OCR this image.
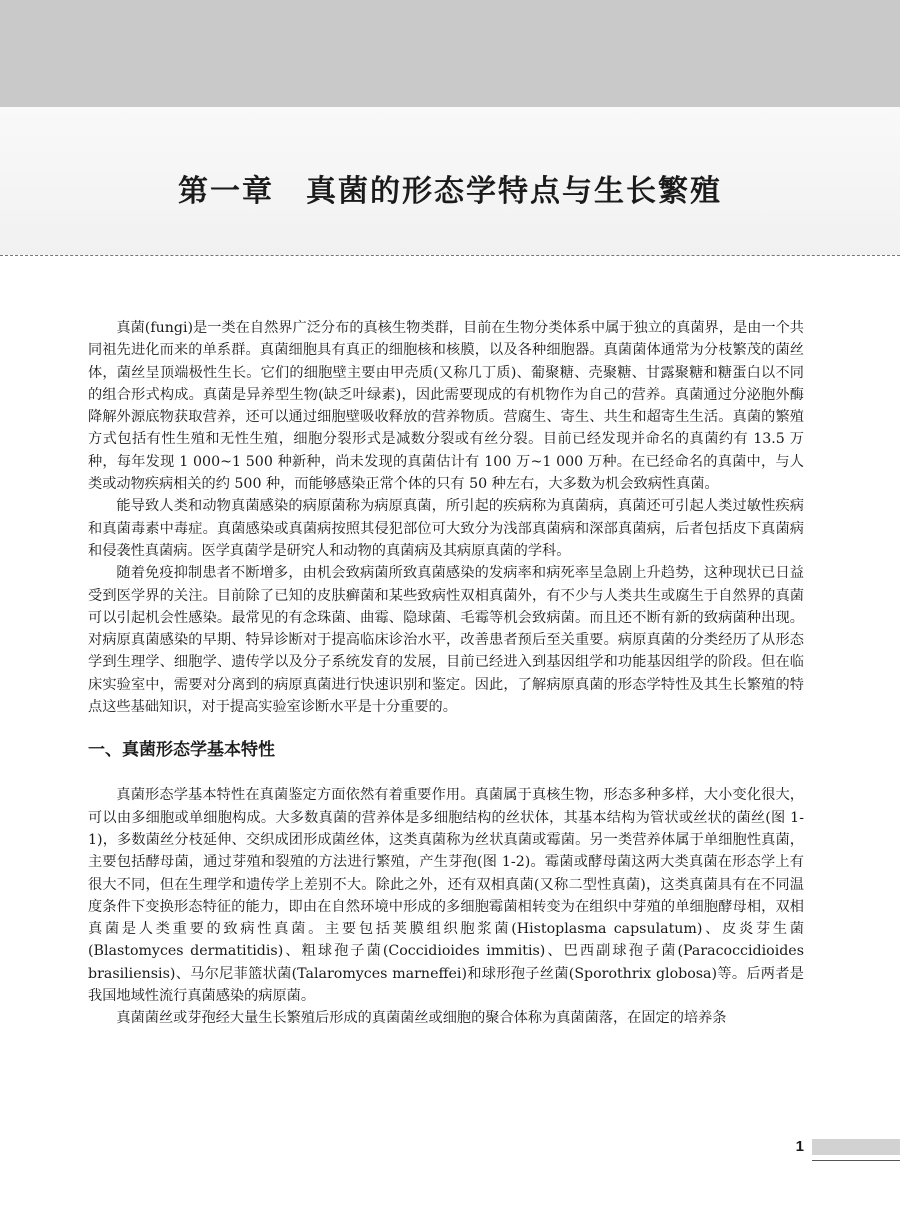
第一章　真菌的形态学特点与生长繁殖

真菌(fungi)是一类在自然界广泛分布的真核生物类群，目前在生物分类体系中属于独立的真菌界，是由一个共同祖先进化而来的单系群。真菌细胞具有真正的细胞核和核膜，以及各种细胞器。真菌菌体通常为分枝繁茂的菌丝体，菌丝呈顶端极性生长。它们的细胞壁主要由甲壳质(又称几丁质)、葡聚糖、壳聚糖、甘露聚糖和糖蛋白以不同的组合形式构成。真菌是异养型生物(缺乏叶绿素)，因此需要现成的有机物作为自己的营养。真菌通过分泌胞外酶降解外源底物获取营养，还可以通过细胞壁吸收释放的营养物质。营腐生、寄生、共生和超寄生生活。真菌的繁殖方式包括有性生殖和无性生殖，细胞分裂形式是减数分裂或有丝分裂。目前已经发现并命名的真菌约有 13.5 万种，每年发现 1 000~1 500 种新种，尚未发现的真菌估计有 100 万~1 000 万种。在已经命名的真菌中，与人类或动物疾病相关的约 500 种，而能够感染正常个体的只有 50 种左右，大多数为机会致病性真菌。

能导致人类和动物真菌感染的病原菌称为病原真菌，所引起的疾病称为真菌病，真菌还可引起人类过敏性疾病和真菌毒素中毒症。真菌感染或真菌病按照其侵犯部位可大致分为浅部真菌病和深部真菌病，后者包括皮下真菌病和侵袭性真菌病。医学真菌学是研究人和动物的真菌病及其病原真菌的学科。

随着免疫抑制患者不断增多，由机会致病菌所致真菌感染的发病率和病死率呈急剧上升趋势，这种现状已日益受到医学界的关注。目前除了已知的皮肤癣菌和某些致病性双相真菌外，有不少与人类共生或腐生于自然界的真菌可以引起机会性感染。最常见的有念珠菌、曲霉、隐球菌、毛霉等机会致病菌。而且还不断有新的致病菌种出现。对病原真菌感染的早期、特异诊断对于提高临床诊治水平，改善患者预后至关重要。病原真菌的分类经历了从形态学到生理学、细胞学、遗传学以及分子系统发育的发展，目前已经进入到基因组学和功能基因组学的阶段。但在临床实验室中，需要对分离到的病原真菌进行快速识别和鉴定。因此，了解病原真菌的形态学特性及其生长繁殖的特点这些基础知识，对于提高实验室诊断水平是十分重要的。

一、真菌形态学基本特性

真菌形态学基本特性在真菌鉴定方面依然有着重要作用。真菌属于真核生物，形态多种多样，大小变化很大，可以由多细胞或单细胞构成。大多数真菌的营养体是多细胞结构的丝状体，其基本结构为管状或丝状的菌丝(图 1-1)，多数菌丝分枝延伸、交织成团形成菌丝体，这类真菌称为丝状真菌或霉菌。另一类营养体属于单细胞性真菌，主要包括酵母菌，通过芽殖和裂殖的方法进行繁殖，产生芽孢(图 1-2)。霉菌或酵母菌这两大类真菌在形态学上有很大不同，但在生理学和遗传学上差别不大。除此之外，还有双相真菌(又称二型性真菌)，这类真菌具有在不同温度条件下变换形态特征的能力，即由在自然环境中形成的多细胞霉菌相转变为在组织中芽殖的单细胞酵母相，双相真菌是人类重要的致病性真菌。主要包括荚膜组织胞浆菌(Histoplasma capsulatum)、皮炎芽生菌(Blastomyces dermatitidis)、粗球孢子菌(Coccidioides immitis)、巴西副球孢子菌(Paracoccidioides brasiliensis)、马尔尼菲篮状菌(Talaromyces marneffei)和球形孢子丝菌(Sporothrix globosa)等。后两者是我国地域性流行真菌感染的病原菌。

真菌菌丝或芽孢经大量生长繁殖后形成的真菌菌丝或细胞的聚合体称为真菌菌落，在固定的培养条

1
